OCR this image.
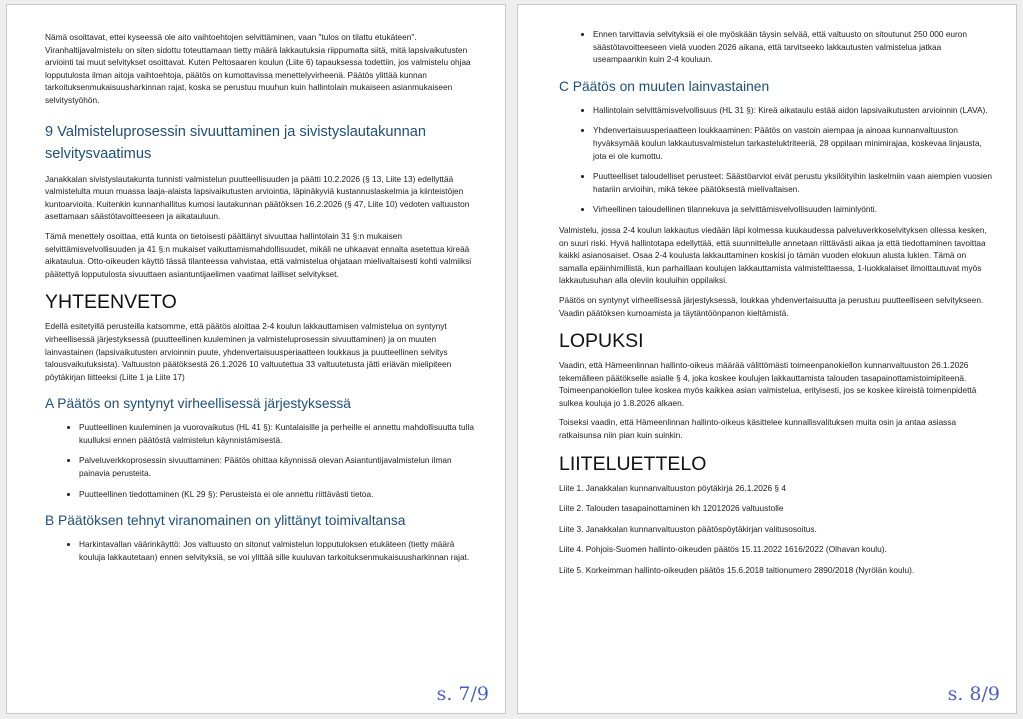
Nämä osoittavat, ettei kyseessä ole aito vaihtoehtojen selvittäminen, vaan "tulos on tilattu etukäteen". Viranhaltijavalmistelu on siten sidottu toteuttamaan tietty määrä lakkautuksia riippumatta siitä, mitä lapsivaikutusten arviointi tai muut selvitykset osoittavat. Kuten Peltosaaren koulun (Liite 6) tapauksessa todettiin, jos valmistelu ohjaa lopputulosta ilman aitoja vaihtoehtoja, päätös on kumottavissa menettelyvirheenä. Päätös ylittää kunnan tarkoituksenmukaisuusharkinnan rajat, koska se perustuu muuhun kuin hallintolain mukaiseen asianmukaiseen selvitystyöhön.

9 Valmisteluprosessin sivuuttaminen ja sivistyslautakunnan selvitysvaatimus

Janakkalan sivistyslautakunta tunnisti valmistelun puutteellisuuden ja päätti 10.2.2026 (§ 13, Liite 13) edellyttää valmistelulta muun muassa laaja-alaista lapsivaikutusten arviointia, läpinäkyviä kustannuslaskelmia ja kiinteistöjen kuntoarvioita. Kuitenkin kunnanhallitus kumosi lautakunnan päätöksen 16.2.2026 (§ 47, Liite 10) vedoten valtuuston asettamaan säästötavoitteeseen ja aikatauluun.

Tämä menettely osoittaa, että kunta on tietoisesti päättänyt sivuuttaa hallintolain 31 §:n mukaisen selvittämisvelvollisuuden ja 41 §:n mukaiset vaikuttamismahdollisuudet, mikäli ne uhkaavat ennalta asetettua kireää aikataulua. Otto-oikeuden käyttö tässä tilanteessa vahvistaa, että valmistelua ohjataan mielivaltaisesti kohti valmiiksi päätettyä lopputulosta sivuuttaen asiantuntijaelimen vaatimat lailliset selvitykset.

YHTEENVETO

Edellä esitetyillä perusteilla katsomme, että päätös aloittaa 2-4 koulun lakkauttamisen valmistelua on syntynyt virheellisessä järjestyksessä (puutteellinen kuuleminen ja valmisteluprosessin sivuuttaminen) ja on muuten lainvastainen (lapsivaikutusten arvioinnin puute, yhdenvertaisuusperiaatteen loukkaus ja puutteellinen selvitys talousvaikutuksista). Valtuuston päätöksestä 26.1.2026 10 valtuutettua 33 valtuutetusta jätti eriävän mielipiteen pöytäkirjan liitteeksi (Liite 1 ja Liite 17)

A Päätös on syntynyt virheellisessä järjestyksessä
• Puutteellinen kuuleminen ja vuorovaikutus (HL 41 §): Kuntalaisille ja perheille ei annettu mahdollisuutta tulla kuulluksi ennen päätöstä valmistelun käynnistämisestä.
• Palveluverkkoprosessin sivuuttaminen: Päätös ohittaa käynnissä olevan Asiantuntijavalmistelun ilman painavia perusteita.
• Puutteellinen tiedottaminen (KL 29 §): Perusteista ei ole annettu riittävästi tietoa.
B Päätöksen tehnyt viranomainen on ylittänyt toimivaltansa
• Harkintavallan väärinkäyttö: Jos valtuusto on sitonut valmistelun lopputuloksen etukäteen (tietty määrä kouluja lakkautetaan) ennen selvityksiä, se voi ylittää sille kuuluvan tarkoituksenmukaisuusharkinnan rajat.
s. 7/9
• Ennen tarvittavia selvityksiä ei ole myöskään täysin selvää, että valtuusto on sitoutunut 250 000 euron säästötavoitteeseen vielä vuoden 2026 aikana, että tarvitseeko lakkautusten valmistelua jatkaa useampaankin kuin 2-4 kouluun.
C Päätös on muuten lainvastainen
• Hallintolain selvittämisvelvollisuus (HL 31 §): Kireä aikataulu estää aidon lapsivaikutusten arvioinnin (LAVA).
• Yhdenvertaisuusperiaatteen loukkaaminen: Päätös on vastoin aiempaa ja ainoaa kunnanvaltuuston hyväksymää koulun lakkautusvalmistelun tarkasteluktriteeriä, 28 oppilaan minimirajaa, koskevaa linjausta, jota ei ole kumottu.
• Puutteelliset taloudelliset perusteet: Säästöarviot eivät perustu yksilöityihin laskelmiin vaan aiempien vuosien hatariin arvioihin, mikä tekee päätöksestä mielivaltaisen.
• Virheellinen taloudellinen tilannekuva ja selvittämisvelvollisuuden laiminlyönti.

Valmistelu, jossa 2-4 koulun lakkautus viedään läpi kolmessa kuukaudessa palveluverkkoselvityksen ollessa kesken, on suuri riski. Hyvä hallintotapa edellyttää, että suunnittelulle annetaan riittävästi aikaa ja että tiedottaminen tavoittaa kaikki asianosaiset. Osaa 2-4 koulusta lakkauttaminen koskisi jo tämän vuoden elokuun alusta lukien. Tämä on samalla epäinhimillistä, kun parhaillaan koulujen lakkauttamista valmistelttaessa, 1-luokkalaiset ilmoittautuvat myös lakkautusuhan alla oleviin kouluihin oppilaiksi.

Päätös on syntynyt virheellisessä järjestyksessä, loukkaa yhdenvertaisuutta ja perustuu puutteelliseen selvitykseen. Vaadin päätöksen kumoamista ja täytäntöönpanon kieltämistä.

LOPUKSI

Vaadin, että Hämeenlinnan hallinto-oikeus määrää välittömästi toimeenpanokiellon kunnanvaltuuston 26.1.2026 tekemälleen päätökselle asialle § 4, joka koskee koulujen lakkauttamista talouden tasapainottamistoimipiteenä. Toimeenpanokiellon tulee koskea myös kaikkea asian valmistelua, erityisesti, jos se koskee kiireistä toimenpidettä sulkea kouluja jo 1.8.2026 alkaen.

Toiseksi vaadin, että Hämeenlinnan hallinto-oikeus käsittelee kunnallisvalituksen muita osin ja antaa asiassa ratkaisunsa niin pian kuin suinkin.

LIITELUETTELO

Liite 1. Janakkalan kunnanvaltuuston pöytäkirja 26.1.2026 § 4

Liite 2. Talouden tasapainottaminen kh 12012026 valtuustolle

Liite 3. Janakkalan kunnanvaltuuston päätöspöytäkirjan valitusosoitus.

Liite 4. Pohjois-Suomen hallinto-oikeuden päätös 15.11.2022 1616/2022 (Olhavan koulu).

Liite 5. Korkeimman hallinto-oikeuden päätös 15.6.2018 taltionumero 2890/2018 (Nyrölän koulu).

s. 8/9
